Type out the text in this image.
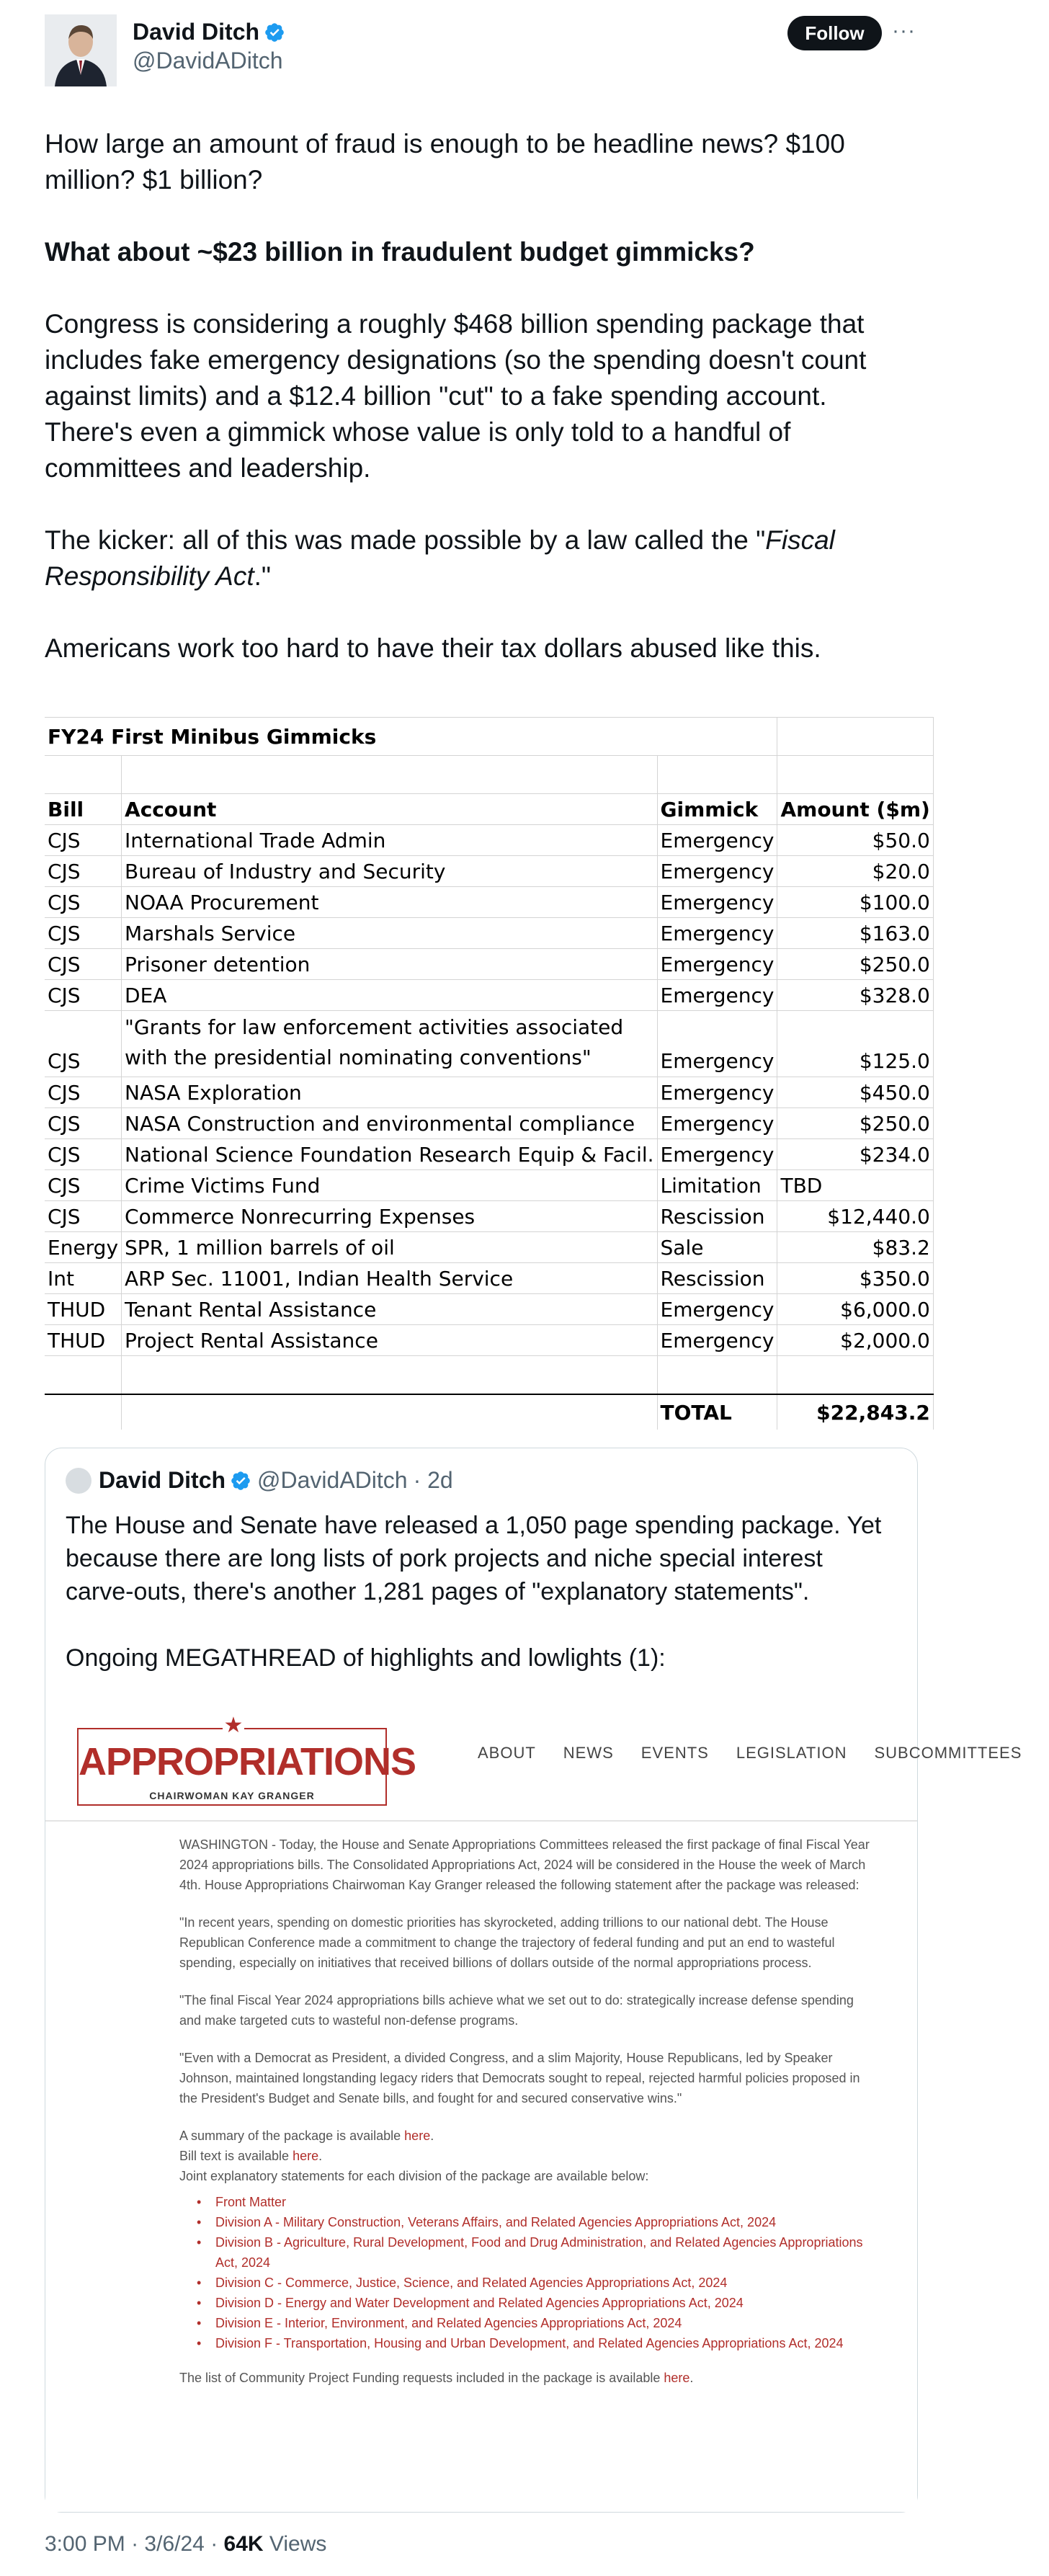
David Ditch
@DavidADitch
Follow	···

How large an amount of fraud is enough to be headline news? $100 million? $1 billion?

What about ~$23 billion in fraudulent budget gimmicks?

Congress is considering a roughly $468 billion spending package that includes fake emergency designations (so the spending doesn't count against limits) and a $12.4 billion "cut" to a fake spending account. There's even a gimmick whose value is only told to a handful of committees and leadership.

The kicker: all of this was made possible by a law called the "Fiscal Responsibility Act."

Americans work too hard to have their tax dollars abused like this.

FY24 First Minibus Gimmicks			

Bill	Account	Gimmick	Amount ($m)
CJS	International Trade Admin	Emergency	$50.0
CJS	Bureau of Industry and Security	Emergency	$20.0
CJS	NOAA Procurement	Emergency	$100.0
CJS	Marshals Service	Emergency	$163.0
CJS	Prisoner detention	Emergency	$250.0
CJS	DEA	Emergency	$328.0
CJS	"Grants for law enforcement activities associated with the presidential nominating conventions"	Emergency	$125.0
CJS	NASA Exploration	Emergency	$450.0
CJS	NASA Construction and environmental compliance	Emergency	$250.0
CJS	National Science Foundation Research Equip & Facil.	Emergency	$234.0
CJS	Crime Victims Fund	Limitation	TBD
CJS	Commerce Nonrecurring Expenses	Rescission	$12,440.0
Energy	SPR, 1 million barrels of oil	Sale	$83.2
Int	ARP Sec. 11001, Indian Health Service	Rescission	$350.0
THUD	Tenant Rental Assistance	Emergency	$6,000.0
THUD	Project Rental Assistance	Emergency	$2,000.0

		TOTAL	$22,843.2
David Ditch @DavidADitch · 2d

The House and Senate have released a 1,050 page spending package. Yet because there are long lists of pork projects and niche special interest carve-outs, there's another 1,281 pages of "explanatory statements".

Ongoing MEGATHREAD of highlights and lowlights (1):

★
APPROPRIATIONS
CHAIRWOMAN KAY GRANGER
ABOUT NEWS EVENTS LEGISLATION SUBCOMMITTEES

WASHINGTON - Today, the House and Senate Appropriations Committees released the first package of final Fiscal Year 2024 appropriations bills. The Consolidated Appropriations Act, 2024 will be considered in the House the week of March 4th. House Appropriations Chairwoman Kay Granger released the following statement after the package was released:

"In recent years, spending on domestic priorities has skyrocketed, adding trillions to our national debt. The House Republican Conference made a commitment to change the trajectory of federal funding and put an end to wasteful spending, especially on initiatives that received billions of dollars outside of the normal appropriations process.

"The final Fiscal Year 2024 appropriations bills achieve what we set out to do: strategically increase defense spending and make targeted cuts to wasteful non-defense programs.

"Even with a Democrat as President, a divided Congress, and a slim Majority, House Republicans, led by Speaker Johnson, maintained longstanding legacy riders that Democrats sought to repeal, rejected harmful policies proposed in the President's Budget and Senate bills, and fought for and secured conservative wins."

A summary of the package is available here.

Bill text is available here.

Joint explanatory statements for each division of the package are available below:

• Front Matter
• Division A - Military Construction, Veterans Affairs, and Related Agencies Appropriations Act, 2024
• Division B - Agriculture, Rural Development, Food and Drug Administration, and Related Agencies Appropriations Act, 2024
• Division C - Commerce, Justice, Science, and Related Agencies Appropriations Act, 2024
• Division D - Energy and Water Development and Related Agencies Appropriations Act, 2024
• Division E - Interior, Environment, and Related Agencies Appropriations Act, 2024
• Division F - Transportation, Housing and Urban Development, and Related Agencies Appropriations Act, 2024

The list of Community Project Funding requests included in the package is available here.

3:00 PM · 3/6/24 · 64K Views
